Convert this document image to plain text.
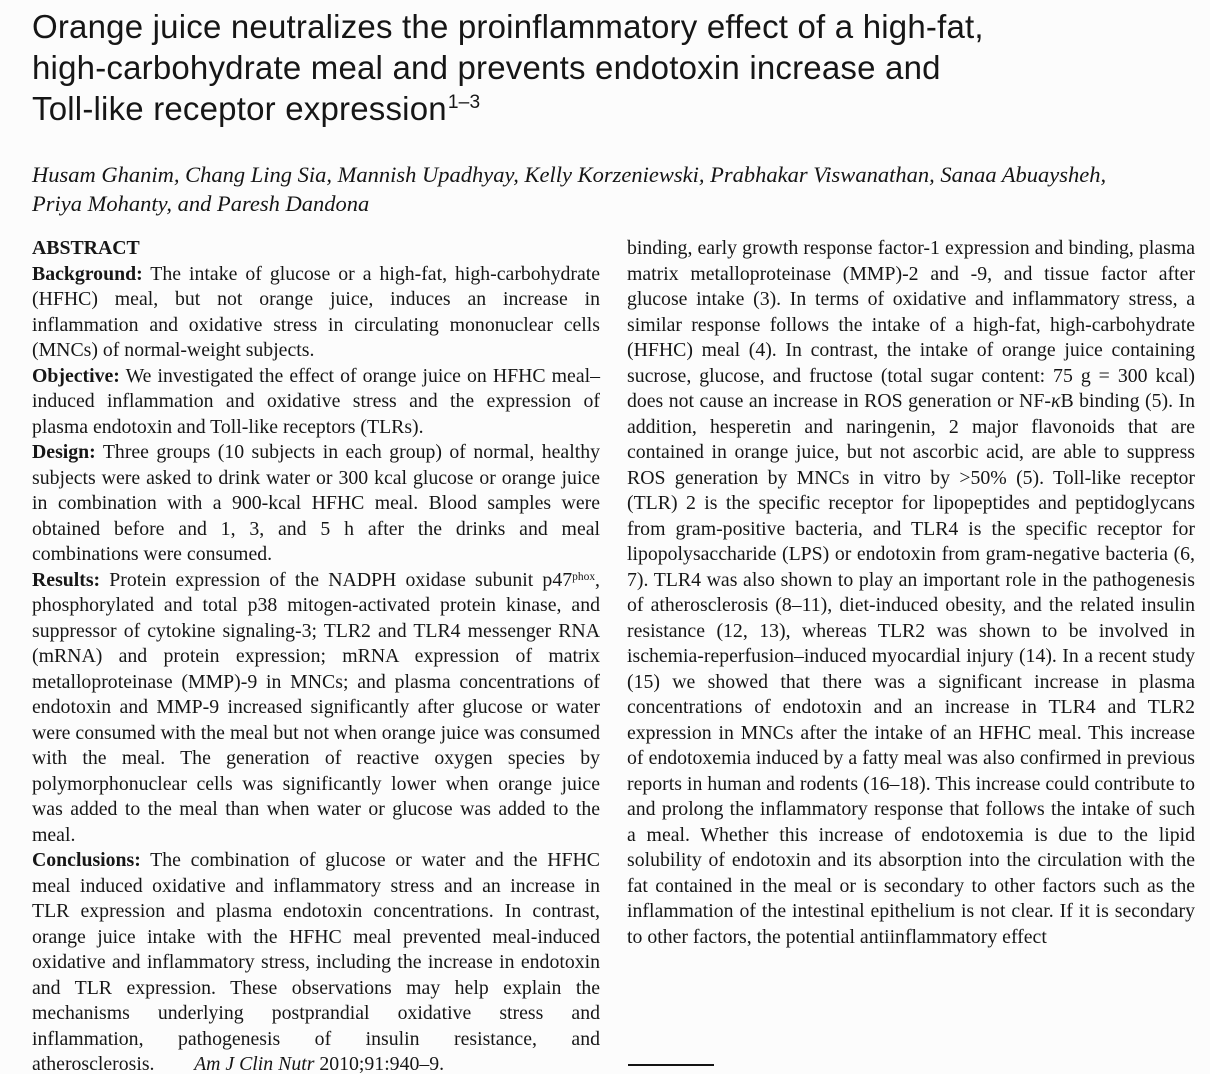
Orange juice neutralizes the proinflammatory effect of a high-fat,
high-carbohydrate meal and prevents endotoxin increase and
Toll-like receptor expression$^{1-3}$
Husam Ghanim, Chang Ling Sia, Mannish Upadhyay, Kelly Korzeniewski, Prabhakar Viswanathan, Sanaa Abuaysheh,
Priya Mohanty, and Paresh Dandona
ABSTRACT

Background: The intake of glucose or a high-fat, high-carbohydrate (HFHC) meal, but not orange juice, induces an increase in inflammation and oxidative stress in circulating mononuclear cells (MNCs) of normal-weight subjects.

Objective: We investigated the effect of orange juice on HFHC meal–induced inflammation and oxidative stress and the expression of plasma endotoxin and Toll-like receptors (TLRs).

Design: Three groups (10 subjects in each group) of normal, healthy subjects were asked to drink water or 300 kcal glucose or orange juice in combination with a 900-kcal HFHC meal. Blood samples were obtained before and 1, 3, and 5 h after the drinks and meal combinations were consumed.

Results: Protein expression of the NADPH oxidase subunit $p47^{phox}$, phosphorylated and total p38 mitogen-activated protein kinase, and suppressor of cytokine signaling-3; TLR2 and TLR4 messenger RNA (mRNA) and protein expression; mRNA expression of matrix metalloproteinase (MMP)-9 in MNCs; and plasma concentrations of endotoxin and MMP-9 increased significantly after glucose or water were consumed with the meal but not when orange juice was consumed with the meal. The generation of reactive oxygen species by polymorphonuclear cells was significantly lower when orange juice was added to the meal than when water or glucose was added to the meal.

Conclusions: The combination of glucose or water and the HFHC meal induced oxidative and inflammatory stress and an increase in TLR expression and plasma endotoxin concentrations. In contrast, orange juice intake with the HFHC meal prevented meal-induced oxidative and inflammatory stress, including the increase in endotoxin and TLR expression. These observations may help explain the mechanisms underlying postprandial oxidative stress and inflammation, pathogenesis of insulin resistance, and atherosclerosis.  Am J Clin Nutr 2010;91:940–9.

binding, early growth response factor-1 expression and binding, plasma matrix metalloproteinase (MMP)-2 and -9, and tissue factor after glucose intake (3). In terms of oxidative and inflammatory stress, a similar response follows the intake of a high-fat, high-carbohydrate (HFHC) meal (4). In contrast, the intake of orange juice containing sucrose, glucose, and fructose (total sugar content: 75 g = 300 kcal) does not cause an increase in ROS generation or NF-κB binding (5). In addition, hesperetin and naringenin, 2 major flavonoids that are contained in orange juice, but not ascorbic acid, are able to suppress ROS generation by MNCs in vitro by >50% (5). Toll-like receptor (TLR) 2 is the specific receptor for lipopeptides and peptidoglycans from gram-positive bacteria, and TLR4 is the specific receptor for lipopolysaccharide (LPS) or endotoxin from gram-negative bacteria (6, 7). TLR4 was also shown to play an important role in the pathogenesis of atherosclerosis (8–11), diet-induced obesity, and the related insulin resistance (12, 13), whereas TLR2 was shown to be involved in ischemia-reperfusion–induced myocardial injury (14). In a recent study (15) we showed that there was a significant increase in plasma concentrations of endotoxin and an increase in TLR4 and TLR2 expression in MNCs after the intake of an HFHC meal. This increase of endotoxemia induced by a fatty meal was also confirmed in previous reports in human and rodents (16–18). This increase could contribute to and prolong the inflammatory response that follows the intake of such a meal. Whether this increase of endotoxemia is due to the lipid solubility of endotoxin and its absorption into the circulation with the fat contained in the meal or is secondary to other factors such as the inflammation of the intestinal epithelium is not clear. If it is secondary to other factors, the potential antiinflammatory effect
